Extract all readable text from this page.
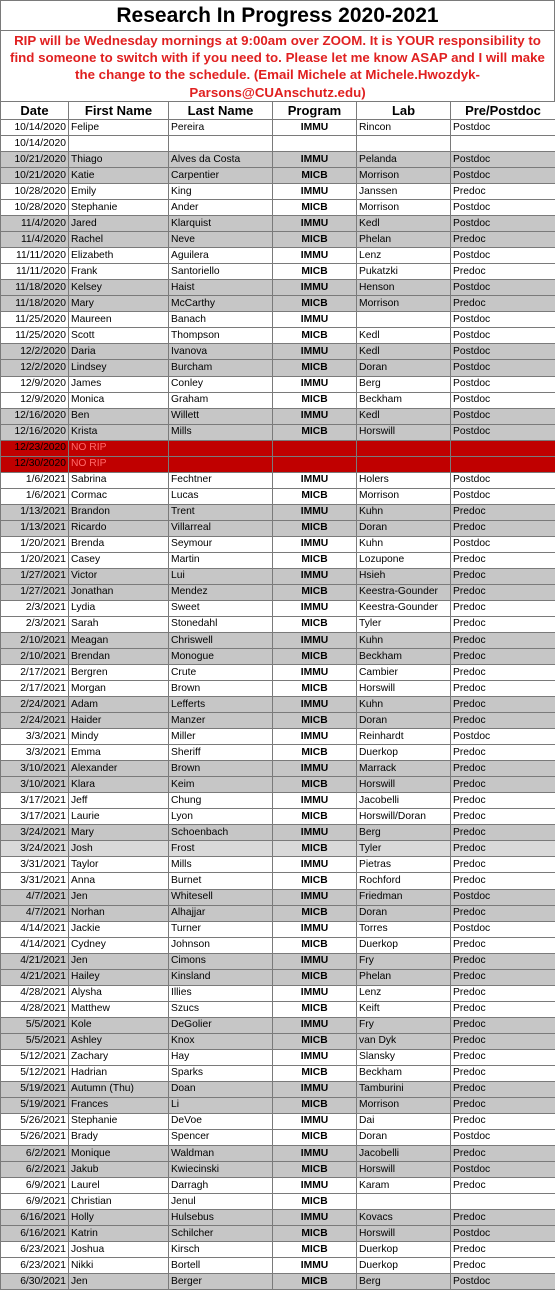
Research In Progress 2020-2021
RIP will be Wednesday mornings at 9:00am over ZOOM. It is YOUR responsibility to find someone to switch with if you need to. Please let me know ASAP and I will make the change to the schedule. (Email Michele at Michele.Hwozdyk-Parsons@CUAnschutz.edu)
Date	First Name	Last Name	Program	Lab	Pre/Postdoc
10/14/2020	Felipe	Pereira	IMMU	Rincon	Postdoc
10/14/2020					
10/21/2020	Thiago	Alves da Costa	IMMU	Pelanda	Postdoc
10/21/2020	Katie	Carpentier	MICB	Morrison	Postdoc
10/28/2020	Emily	King	IMMU	Janssen	Predoc
10/28/2020	Stephanie	Ander	MICB	Morrison	Postdoc
11/4/2020	Jared	Klarquist	IMMU	Kedl	Postdoc
11/4/2020	Rachel	Neve	MICB	Phelan	Predoc
11/11/2020	Elizabeth	Aguilera	IMMU	Lenz	Postdoc
11/11/2020	Frank	Santoriello	MICB	Pukatzki	Predoc
11/18/2020	Kelsey	Haist	IMMU	Henson	Postdoc
11/18/2020	Mary	McCarthy	MICB	Morrison	Predoc
11/25/2020	Maureen	Banach	IMMU		Postdoc
11/25/2020	Scott	Thompson	MICB	Kedl	Postdoc
12/2/2020	Daria	Ivanova	IMMU	Kedl	Postdoc
12/2/2020	Lindsey	Burcham	MICB	Doran	Postdoc
12/9/2020	James	Conley	IMMU	Berg	Postdoc
12/9/2020	Monica	Graham	MICB	Beckham	Postdoc
12/16/2020	Ben	Willett	IMMU	Kedl	Postdoc
12/16/2020	Krista	Mills	MICB	Horswill	Postdoc
12/23/2020	NO RIP				
12/30/2020	NO RIP				
1/6/2021	Sabrina	Fechtner	IMMU	Holers	Postdoc
1/6/2021	Cormac	Lucas	MICB	Morrison	Postdoc
1/13/2021	Brandon	Trent	IMMU	Kuhn	Predoc
1/13/2021	Ricardo	Villarreal	MICB	Doran	Predoc
1/20/2021	Brenda	Seymour	IMMU	Kuhn	Postdoc
1/20/2021	Casey	Martin	MICB	Lozupone	Predoc
1/27/2021	Victor	Lui	IMMU	Hsieh	Predoc
1/27/2021	Jonathan	Mendez	MICB	Keestra-Gounder	Predoc
2/3/2021	Lydia	Sweet	IMMU	Keestra-Gounder	Predoc
2/3/2021	Sarah	Stonedahl	MICB	Tyler	Predoc
2/10/2021	Meagan	Chriswell	IMMU	Kuhn	Predoc
2/10/2021	Brendan	Monogue	MICB	Beckham	Predoc
2/17/2021	Bergren	Crute	IMMU	Cambier	Predoc
2/17/2021	Morgan	Brown	MICB	Horswill	Predoc
2/24/2021	Adam	Lefferts	IMMU	Kuhn	Predoc
2/24/2021	Haider	Manzer	MICB	Doran	Predoc
3/3/2021	Mindy	Miller	IMMU	Reinhardt	Postdoc
3/3/2021	Emma	Sheriff	MICB	Duerkop	Predoc
3/10/2021	Alexander	Brown	IMMU	Marrack	Predoc
3/10/2021	Klara	Keim	MICB	Horswill	Predoc
3/17/2021	Jeff	Chung	IMMU	Jacobelli	Predoc
3/17/2021	Laurie	Lyon	MICB	Horswill/Doran	Predoc
3/24/2021	Mary	Schoenbach	IMMU	Berg	Predoc
3/24/2021	Josh	Frost	MICB	Tyler	Predoc
3/31/2021	Taylor	Mills	IMMU	Pietras	Predoc
3/31/2021	Anna	Burnet	MICB	Rochford	Predoc
4/7/2021	Jen	Whitesell	IMMU	Friedman	Postdoc
4/7/2021	Norhan	Alhajjar	MICB	Doran	Predoc
4/14/2021	Jackie	Turner	IMMU	Torres	Postdoc
4/14/2021	Cydney	Johnson	MICB	Duerkop	Predoc
4/21/2021	Jen	Cimons	IMMU	Fry	Predoc
4/21/2021	Hailey	Kinsland	MICB	Phelan	Predoc
4/28/2021	Alysha	Illies	IMMU	Lenz	Predoc
4/28/2021	Matthew	Szucs	MICB	Keift	Predoc
5/5/2021	Kole	DeGolier	IMMU	Fry	Predoc
5/5/2021	Ashley	Knox	MICB	van Dyk	Predoc
5/12/2021	Zachary	Hay	IMMU	Slansky	Predoc
5/12/2021	Hadrian	Sparks	MICB	Beckham	Predoc
5/19/2021	Autumn (Thu)	Doan	IMMU	Tamburini	Predoc
5/19/2021	Frances	Li	MICB	Morrison	Predoc
5/26/2021	Stephanie	DeVoe	IMMU	Dai	Predoc
5/26/2021	Brady	Spencer	MICB	Doran	Postdoc
6/2/2021	Monique	Waldman	IMMU	Jacobelli	Predoc
6/2/2021	Jakub	Kwiecinski	MICB	Horswill	Postdoc
6/9/2021	Laurel	Darragh	IMMU	Karam	Predoc
6/9/2021	Christian	Jenul	MICB		
6/16/2021	Holly	Hulsebus	IMMU	Kovacs	Predoc
6/16/2021	Katrin	Schilcher	MICB	Horswill	Postdoc
6/23/2021	Joshua	Kirsch	MICB	Duerkop	Predoc
6/23/2021	Nikki	Bortell	IMMU	Duerkop	Predoc
6/30/2021	Jen	Berger	MICB	Berg	Postdoc
